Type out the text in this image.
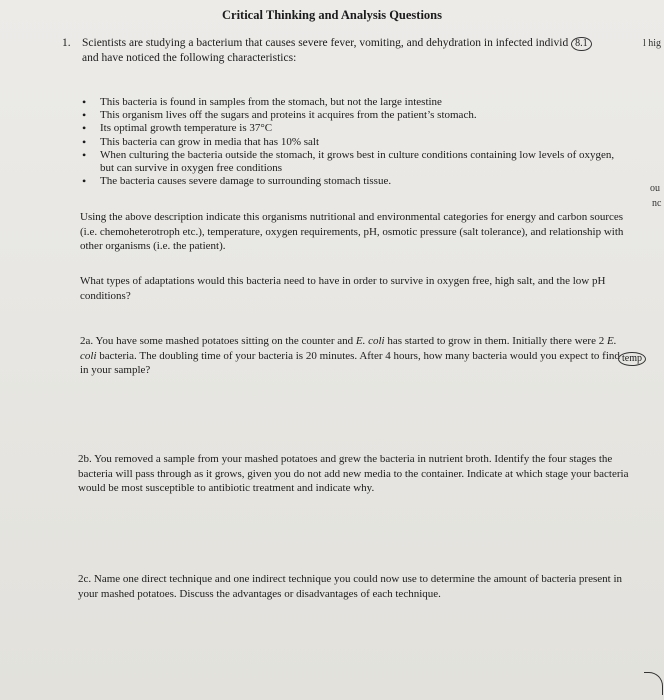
Critical Thinking and Analysis Questions
1. Scientists are studying a bacterium that causes severe fever, vomiting, and dehydration in infected individ 8.1
and have noticed the following characteristics:
• This bacteria is found in samples from the stomach, but not the large intestine
• This organism lives off the sugars and proteins it acquires from the patient’s stomach.
• Its optimal growth temperature is 37°C
• This bacteria can grow in media that has 10% salt
• When culturing the bacteria outside the stomach, it grows best in culture conditions containing low levels of oxygen, but can survive in oxygen free conditions
• The bacteria causes severe damage to surrounding stomach tissue.
Using the above description indicate this organisms nutritional and environmental categories for energy and carbon sources (i.e. chemoheterotroph etc.), temperature, oxygen requirements, pH, osmotic pressure (salt tolerance), and relationship with other organisms (i.e. the patient).
What types of adaptations would this bacteria need to have in order to survive in oxygen free, high salt, and the low pH conditions?
2a. You have some mashed potatoes sitting on the counter and E. coli has started to grow in them. Initially there were 2 E. coli bacteria. The doubling time of your bacteria is 20 minutes. After 4 hours, how many bacteria would you expect to find in your sample?
temp
2b. You removed a sample from your mashed potatoes and grew the bacteria in nutrient broth. Identify the four stages the bacteria will pass through as it grows, given you do not add new media to the container. Indicate at which stage your bacteria would be most susceptible to antibiotic treatment and indicate why.
2c. Name one direct technique and one indirect technique you could now use to determine the amount of bacteria present in your mashed potatoes. Discuss the advantages or disadvantages of each technique.
l hig
ou
nc
